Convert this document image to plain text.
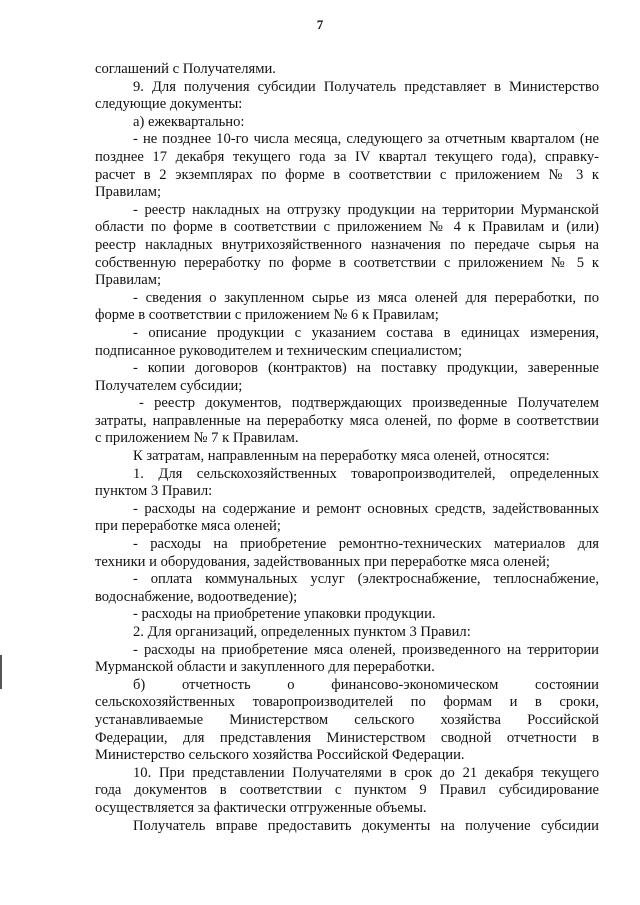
7
соглашений с Получателями.
9. Для получения субсидии Получатель представляет в Министерство
следующие документы:
а) ежеквартально:
- не позднее 10-го числа месяца, следующего за отчетным кварталом (не
позднее 17 декабря текущего года за IV квартал текущего года), справку-
расчет в 2 экземплярах по форме в соответствии с приложением № 3 к
Правилам;
- реестр накладных на отгрузку продукции на территории Мурманской
области по форме в соответствии с приложением № 4 к Правилам и (или)
реестр накладных внутрихозяйственного назначения по передаче сырья на
собственную переработку по форме в соответствии с приложением № 5 к
Правилам;
- сведения о закупленном сырье из мяса оленей для переработки, по
форме в соответствии с приложением № 6 к Правилам;
- описание продукции с указанием состава в единицах измерения,
подписанное руководителем и техническим специалистом;
- копии договоров (контрактов) на поставку продукции, заверенные
Получателем субсидии;
- реестр документов, подтверждающих произведенные Получателем
затраты, направленные на переработку мяса оленей, по форме в соответствии
с приложением № 7 к Правилам.
К затратам, направленным на переработку мяса оленей, относятся:
1. Для сельскохозяйственных товаропроизводителей, определенных
пунктом 3 Правил:
- расходы на содержание и ремонт основных средств, задействованных
при переработке мяса оленей;
- расходы на приобретение ремонтно-технических материалов для
техники и оборудования, задействованных при переработке мяса оленей;
- оплата коммунальных услуг (электроснабжение, теплоснабжение,
водоснабжение, водоотведение);
- расходы на приобретение упаковки продукции.
2. Для организаций, определенных пунктом 3 Правил:
- расходы на приобретение мяса оленей, произведенного на территории
Мурманской области и закупленного для переработки.
б) отчетность о финансово-экономическом состоянии
сельскохозяйственных товаропроизводителей по формам и в сроки,
устанавливаемые Министерством сельского хозяйства Российской
Федерации, для представления Министерством сводной отчетности в
Министерство сельского хозяйства Российской Федерации.
10. При представлении Получателями в срок до 21 декабря текущего
года документов в соответствии с пунктом 9 Правил субсидирование
осуществляется за фактически отгруженные объемы.
Получатель вправе предоставить документы на получение субсидии
